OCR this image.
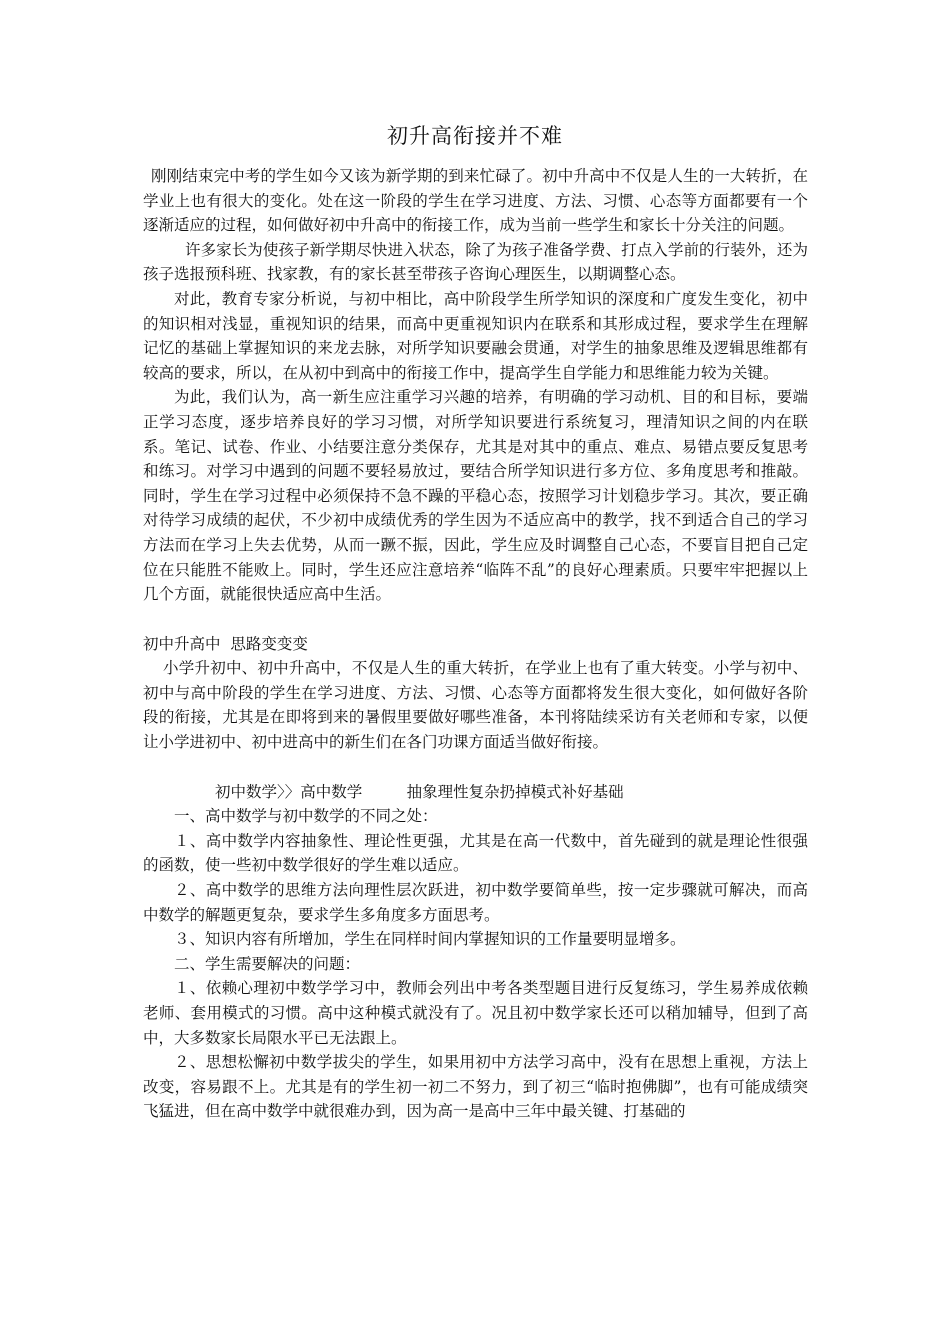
初升高衔接并不难

刚刚结束完中考的学生如今又该为新学期的到来忙碌了。初中升高中不仅是人生的一大转折，在学业上也有很大的变化。处在这一阶段的学生在学习进度、方法、习惯、心态等方面都要有一个逐渐适应的过程，如何做好初中升高中的衔接工作，成为当前一些学生和家长十分关注的问题。

许多家长为使孩子新学期尽快进入状态，除了为孩子准备学费、打点入学前的行装外，还为孩子选报预科班、找家教，有的家长甚至带孩子咨询心理医生，以期调整心态。

对此，教育专家分析说，与初中相比，高中阶段学生所学知识的深度和广度发生变化，初中的知识相对浅显，重视知识的结果，而高中更重视知识内在联系和其形成过程，要求学生在理解记忆的基础上掌握知识的来龙去脉，对所学知识要融会贯通，对学生的抽象思维及逻辑思维都有较高的要求，所以，在从初中到高中的衔接工作中，提高学生自学能力和思维能力较为关键。

为此，我们认为，高一新生应注重学习兴趣的培养，有明确的学习动机、目的和目标，要端正学习态度，逐步培养良好的学习习惯，对所学知识要进行系统复习，理清知识之间的内在联系。笔记、试卷、作业、小结要注意分类保存，尤其是对其中的重点、难点、易错点要反复思考和练习。对学习中遇到的问题不要轻易放过，要结合所学知识进行多方位、多角度思考和推敲。同时，学生在学习过程中必须保持不急不躁的平稳心态，按照学习计划稳步学习。其次，要正确对待学习成绩的起伏，不少初中成绩优秀的学生因为不适应高中的教学，找不到适合自己的学习方法而在学习上失去优势，从而一蹶不振，因此，学生应及时调整自己心态，不要盲目把自己定位在只能胜不能败上。同时，学生还应注意培养“临阵不乱”的良好心理素质。只要牢牢把握以上几个方面，就能很快适应高中生活。

初中升高中  思路变变变

小学升初中、初中升高中，不仅是人生的重大转折，在学业上也有了重大转变。小学与初中、初中与高中阶段的学生在学习进度、方法、习惯、心态等方面都将发生很大变化，如何做好各阶段的衔接，尤其是在即将到来的暑假里要做好哪些准备，本刊将陆续采访有关老师和专家，以便让小学进初中、初中进高中的新生们在各门功课方面适当做好衔接。

初中数学〉〉高中数学         抽象理性复杂扔掉模式补好基础

一、高中数学与初中数学的不同之处：

１、高中数学内容抽象性、理论性更强，尤其是在高一代数中，首先碰到的就是理论性很强的函数，使一些初中数学很好的学生难以适应。

２、高中数学的思维方法向理性层次跃进，初中数学要简单些，按一定步骤就可解决，而高中数学的解题更复杂，要求学生多角度多方面思考。

３、知识内容有所增加，学生在同样时间内掌握知识的工作量要明显增多。

二、学生需要解决的问题：

１、依赖心理初中数学学习中，教师会列出中考各类型题目进行反复练习，学生易养成依赖老师、套用模式的习惯。高中这种模式就没有了。况且初中数学家长还可以稍加辅导，但到了高中，大多数家长局限水平已无法跟上。

２、思想松懈初中数学拔尖的学生，如果用初中方法学习高中，没有在思想上重视，方法上改变，容易跟不上。尤其是有的学生初一初二不努力，到了初三“临时抱佛脚”，也有可能成绩突飞猛进，但在高中数学中就很难办到，因为高一是高中三年中最关键、打基础的
